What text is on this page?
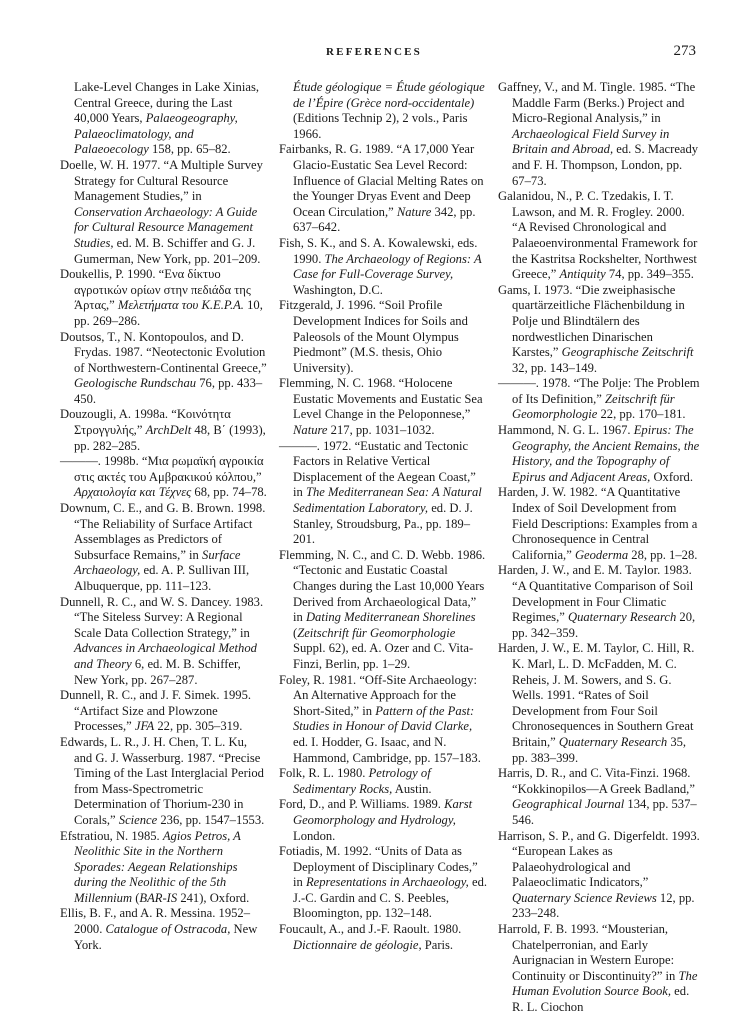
REFERENCES	273

Lake-Level Changes in Lake Xinias, Central Greece, during the Last 40,000 Years, Palaeogeography, Palaeoclimatology, and Palaeoecology 158, pp. 65–82.

Doelle, W. H. 1977. “A Multiple Survey Strategy for Cultural Resource Management Studies,” in Conservation Archaeology: A Guide for Cultural Resource Management Studies, ed. M. B. Schiffer and G. J. Gumerman, New York, pp. 201–209.

Doukellis, P. 1990. “Ενα δίκτυο αγροτικών ορίων στην πεδιάδα της Άρτας,” Μελετήματα του Κ.Ε.Ρ.Α. 10, pp. 269–286.

Doutsos, T., N. Kontopoulos, and D. Frydas. 1987. “Neotectonic Evolution of Northwestern-Continental Greece,” Geologische Rundschau 76, pp. 433–450.

Douzougli, A. 1998a. “Κοινότητα Στρογγυλής,” ArchDelt 48, Β΄ (1993), pp. 282–285.

———. 1998b. “Μια ρωμαϊκή αγροικία στις ακτές του Αμβρακικού κόλπου,” Αρχαιολογία και Τέχνες 68, pp. 74–78.

Downum, C. E., and G. B. Brown. 1998. “The Reliability of Surface Artifact Assemblages as Predictors of Subsurface Remains,” in Surface Archaeology, ed. A. P. Sullivan III, Albuquerque, pp. 111–123.

Dunnell, R. C., and W. S. Dancey. 1983. “The Siteless Survey: A Regional Scale Data Collection Strategy,” in Advances in Archaeological Method and Theory 6, ed. M. B. Schiffer, New York, pp. 267–287.

Dunnell, R. C., and J. F. Simek. 1995. “Artifact Size and Plowzone Processes,” JFA 22, pp. 305–319.

Edwards, L. R., J. H. Chen, T. L. Ku, and G. J. Wasserburg. 1987. “Precise Timing of the Last Interglacial Period from Mass-Spectrometric Determination of Thorium-230 in Corals,” Science 236, pp. 1547–1553.

Efstratiou, N. 1985. Agios Petros, A Neolithic Site in the Northern Sporades: Aegean Relationships during the Neolithic of the 5th Millennium (BAR-IS 241), Oxford.

Ellis, B. F., and A. R. Messina. 1952–2000. Catalogue of Ostracoda, New York.

Étude géologique = Étude géologique de l’Épire (Grèce nord-occidentale) (Editions Technip 2), 2 vols., Paris 1966.

Fairbanks, R. G. 1989. “A 17,000 Year Glacio-Eustatic Sea Level Record: Influence of Glacial Melting Rates on the Younger Dryas Event and Deep Ocean Circulation,” Nature 342, pp. 637–642.

Fish, S. K., and S. A. Kowalewski, eds. 1990. The Archaeology of Regions: A Case for Full-Coverage Survey, Washington, D.C.

Fitzgerald, J. 1996. “Soil Profile Development Indices for Soils and Paleosols of the Mount Olympus Piedmont” (M.S. thesis, Ohio University).

Flemming, N. C. 1968. “Holocene Eustatic Movements and Eustatic Sea Level Change in the Peloponnese,” Nature 217, pp. 1031–1032.

———. 1972. “Eustatic and Tectonic Factors in Relative Vertical Displacement of the Aegean Coast,” in The Mediterranean Sea: A Natural Sedimentation Laboratory, ed. D. J. Stanley, Stroudsburg, Pa., pp. 189–201.

Flemming, N. C., and C. D. Webb. 1986. “Tectonic and Eustatic Coastal Changes during the Last 10,000 Years Derived from Archaeological Data,” in Dating Mediterranean Shorelines (Zeitschrift für Geomorphologie Suppl. 62), ed. A. Ozer and C. Vita-Finzi, Berlin, pp. 1–29.

Foley, R. 1981. “Off-Site Archaeology: An Alternative Approach for the Short-Sited,” in Pattern of the Past: Studies in Honour of David Clarke, ed. I. Hodder, G. Isaac, and N. Hammond, Cambridge, pp. 157–183.

Folk, R. L. 1980. Petrology of Sedimentary Rocks, Austin.

Ford, D., and P. Williams. 1989. Karst Geomorphology and Hydrology, London.

Fotiadis, M. 1992. “Units of Data as Deployment of Disciplinary Codes,” in Representations in Archaeology, ed. J.-C. Gardin and C. S. Peebles, Bloomington, pp. 132–148.

Foucault, A., and J.-F. Raoult. 1980. Dictionnaire de géologie, Paris.

Gaffney, V., and M. Tingle. 1985. “The Maddle Farm (Berks.) Project and Micro-Regional Analysis,” in Archaeological Field Survey in Britain and Abroad, ed. S. Macready and F. H. Thompson, London, pp. 67–73.

Galanidou, N., P. C. Tzedakis, I. T. Lawson, and M. R. Frogley. 2000. “A Revised Chronological and Palaeoenvironmental Framework for the Kastritsa Rockshelter, Northwest Greece,” Antiquity 74, pp. 349–355.

Gams, I. 1973. “Die zweiphasische quartärzeitliche Flächenbildung in Polje und Blindtälern des nordwestlichen Dinarischen Karstes,” Geographische Zeitschrift 32, pp. 143–149.

———. 1978. “The Polje: The Problem of Its Definition,” Zeitschrift für Geomorphologie 22, pp. 170–181.

Hammond, N. G. L. 1967. Epirus: The Geography, the Ancient Remains, the History, and the Topography of Epirus and Adjacent Areas, Oxford.

Harden, J. W. 1982. “A Quantitative Index of Soil Development from Field Descriptions: Examples from a Chronosequence in Central California,” Geoderma 28, pp. 1–28.

Harden, J. W., and E. M. Taylor. 1983. “A Quantitative Comparison of Soil Development in Four Climatic Regimes,” Quaternary Research 20, pp. 342–359.

Harden, J. W., E. M. Taylor, C. Hill, R. K. Marl, L. D. McFadden, M. C. Reheis, J. M. Sowers, and S. G. Wells. 1991. “Rates of Soil Development from Four Soil Chronosequences in Southern Great Britain,” Quaternary Research 35, pp. 383–399.

Harris, D. R., and C. Vita-Finzi. 1968. “Kokkinopilos—A Greek Badland,” Geographical Journal 134, pp. 537–546.

Harrison, S. P., and G. Digerfeldt. 1993. “European Lakes as Palaeohydrological and Palaeoclimatic Indicators,” Quaternary Science Reviews 12, pp. 233–248.

Harrold, F. B. 1993. “Mousterian, Chatelperronian, and Early Aurignacian in Western Europe: Continuity or Discontinuity?” in The Human Evolution Source Book, ed. R. L. Ciochon
